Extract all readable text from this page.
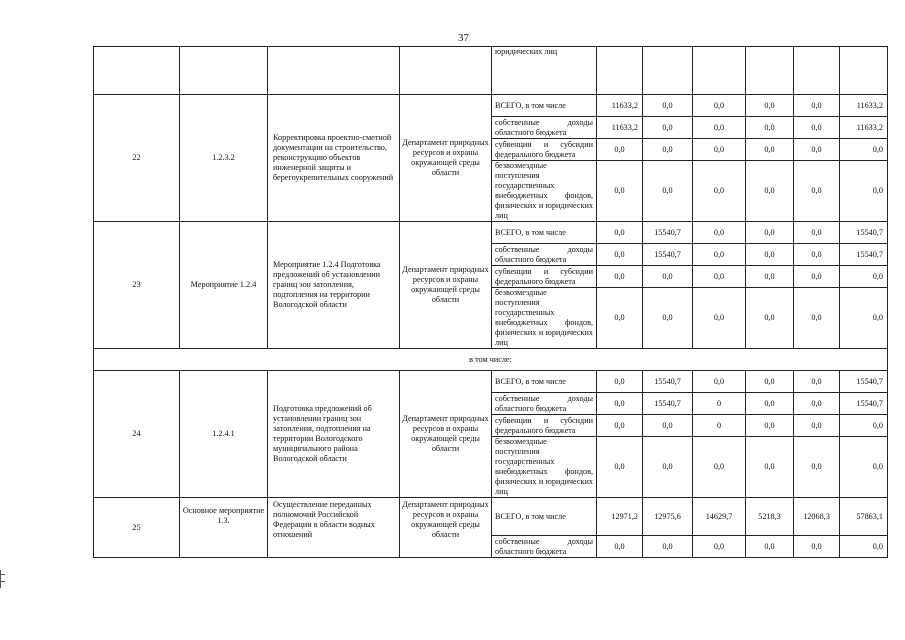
37
				юридических лиц						
22	1.2.3.2	Корректировка проектно-сметной документации на строительство, реконструкцию объектов инженерной защиты и берегоукрепительных сооружений	Департамент природных ресурсов и охраны окружающей среды области	ВСЕГО, в том числе	11633,2	0,0	0,0	0,0	0,0	11633,2
				собственные доходы областного бюджета	11633,2	0,0	0,0	0,0	0,0	11633,2
				субвенции и субсидии федерального бюджета	0,0	0,0	0,0	0,0	0,0	0,0
				безвозмездные поступления государственных внебюджетных фондов, физических и юридических лиц	0,0	0,0	0,0	0,0	0,0	0,0
23	Мероприятие 1.2.4	Мероприятие 1.2.4 Подготовка предложений об установлении границ зон затопления, подтопления на территории Вологодской области	Департамент природных ресурсов и охраны окружающей среды области	ВСЕГО, в том числе	0,0	15540,7	0,0	0,0	0,0	15540,7
				собственные доходы областного бюджета	0,0	15540,7	0,0	0,0	0,0	15540,7
				субвенции и субсидии федерального бюджета	0,0	0,0	0,0	0,0	0,0	0,0
				безвозмездные поступления государственных внебюджетных фондов, физических и юридических лиц	0,0	0,0	0,0	0,0	0,0	0,0
в том числе:										
24	1.2.4.1	Подготовка предложений об установлении границ зон затопления, подтопления на территории Вологодского муниципального района Вологодской области	Департамент природных ресурсов и охраны окружающей среды области	ВСЕГО, в том числе	0,0	15540,7	0,0	0,0	0,0	15540,7
				собственные доходы областного бюджета	0,0	15540,7	0	0,0	0,0	15540,7
				субвенции и субсидии федерального бюджета	0,0	0,0	0	0,0	0,0	0,0
				безвозмездные поступления государственных внебюджетных фондов, физических и юридических лиц	0,0	0,0	0,0	0,0	0,0	0,0
25	Основное мероприятие 1.3.	Осуществление переданных полномочий Российской Федерации в области водных отношений	Департамент природных ресурсов и охраны окружающей среды области	ВСЕГО, в том числе	12971,2	12975,6	14629,7	5218,3	12068,3	57863,1
				собственные доходы областного бюджета	0,0	0,0	0,0	0,0	0,0	0,0
